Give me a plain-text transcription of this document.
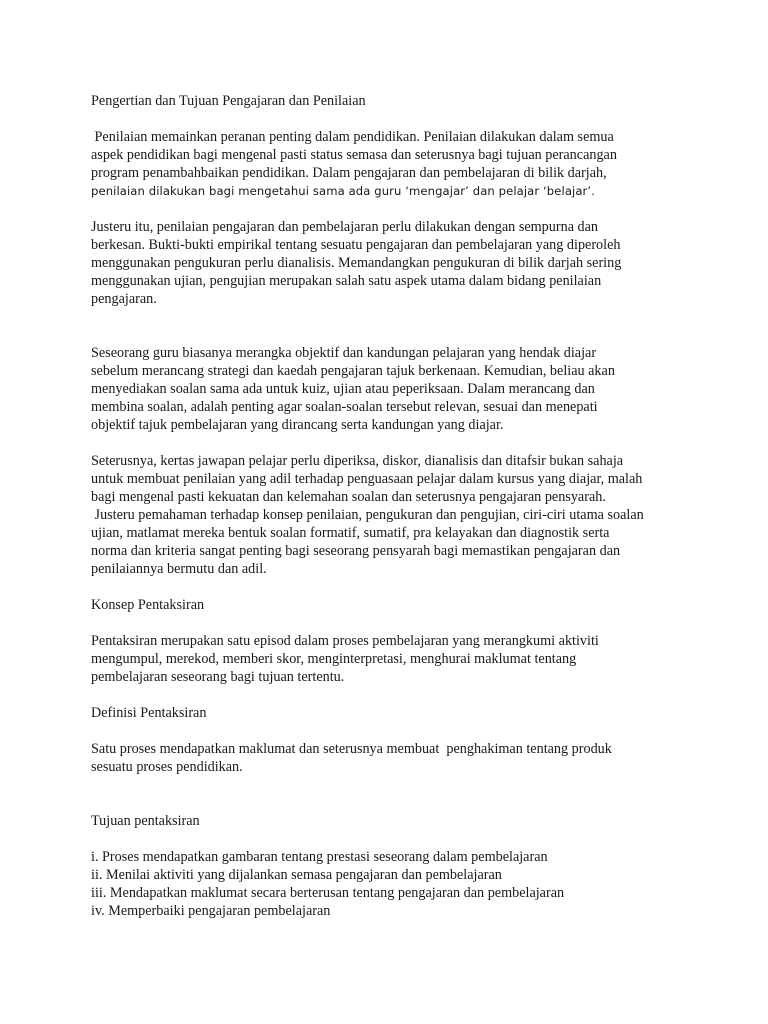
Pengertian dan Tujuan Pengajaran dan Penilaian
Penilaian memainkan peranan penting dalam pendidikan. Penilaian dilakukan dalam semua
aspek pendidikan bagi mengenal pasti status semasa dan seterusnya bagi tujuan perancangan
program penambahbaikan pendidikan. Dalam pengajaran dan pembelajaran di bilik darjah,
penilaian dilakukan bagi mengetahui sama ada guru ‘mengajar’ dan pelajar ‘belajar’.
Justeru itu, penilaian pengajaran dan pembelajaran perlu dilakukan dengan sempurna dan
berkesan. Bukti-bukti empirikal tentang sesuatu pengajaran dan pembelajaran yang diperoleh
menggunakan pengukuran perlu dianalisis. Memandangkan pengukuran di bilik darjah sering
menggunakan ujian, pengujian merupakan salah satu aspek utama dalam bidang penilaian
pengajaran.
Seseorang guru biasanya merangka objektif dan kandungan pelajaran yang hendak diajar
sebelum merancang strategi dan kaedah pengajaran tajuk berkenaan. Kemudian, beliau akan
menyediakan soalan sama ada untuk kuiz, ujian atau peperiksaan. Dalam merancang dan
membina soalan, adalah penting agar soalan-soalan tersebut relevan, sesuai dan menepati
objektif tajuk pembelajaran yang dirancang serta kandungan yang diajar.
Seterusnya, kertas jawapan pelajar perlu diperiksa, diskor, dianalisis dan ditafsir bukan sahaja
untuk membuat penilaian yang adil terhadap penguasaan pelajar dalam kursus yang diajar, malah
bagi mengenal pasti kekuatan dan kelemahan soalan dan seterusnya pengajaran pensyarah.
Justeru pemahaman terhadap konsep penilaian, pengukuran dan pengujian, ciri-ciri utama soalan
ujian, matlamat mereka bentuk soalan formatif, sumatif, pra kelayakan dan diagnostik serta
norma dan kriteria sangat penting bagi seseorang pensyarah bagi memastikan pengajaran dan
penilaiannya bermutu dan adil.
Konsep Pentaksiran
Pentaksiran merupakan satu episod dalam proses pembelajaran yang merangkumi aktiviti
mengumpul, merekod, memberi skor, menginterpretasi, menghurai maklumat tentang
pembelajaran seseorang bagi tujuan tertentu.
Definisi Pentaksiran
Satu proses mendapatkan maklumat dan seterusnya membuat  penghakiman tentang produk
sesuatu proses pendidikan.
Tujuan pentaksiran
i. Proses mendapatkan gambaran tentang prestasi seseorang dalam pembelajaran
ii. Menilai aktiviti yang dijalankan semasa pengajaran dan pembelajaran
iii. Mendapatkan maklumat secara berterusan tentang pengajaran dan pembelajaran
iv. Memperbaiki pengajaran pembelajaran
